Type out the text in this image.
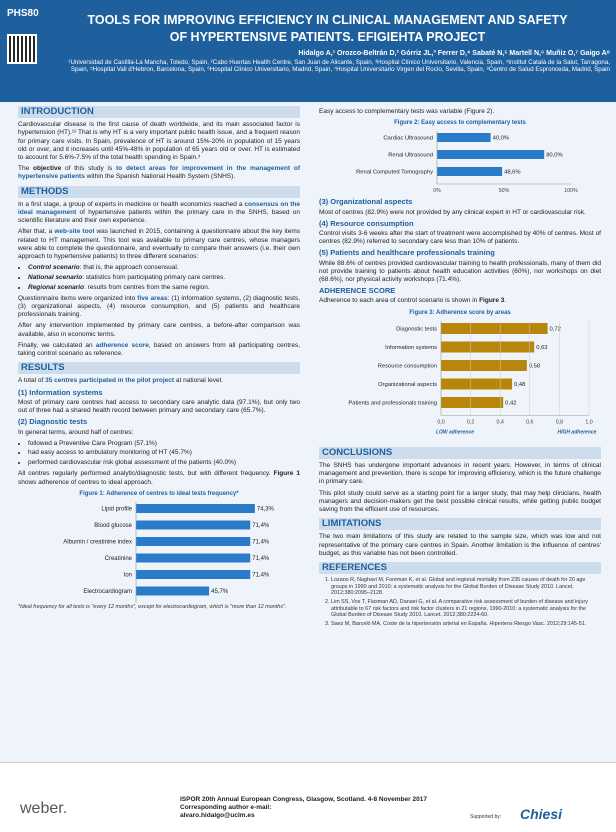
PHS80	TOOLS FOR IMPROVING EFFICIENCY IN CLINICAL MANAGEMENT AND SAFETY
OF HYPERTENSIVE PATIENTS. EFIGIEHTA PROJECT
Hidalgo A,¹ Orozco-Beltrán D,² Górriz JL,³ Ferrer D,⁴ Sabaté N,⁵ Martell N,⁶ Muñiz O,⁷ Gaigo A⁸
¹Universidad de Castilla-La Mancha, Toledo, Spain, ²Cabo Huertas Health Centre, San Juan de Alicante, Spain, ³Hospital Clínico Universitario, Valencia, Spain, ⁴Institut Català de la Salut, Tarragona, Spain, ⁵Hospital Vall d'Hebron, Barcelona, Spain, ⁶Hospital Clínico Universitario, Madrid, Spain, ⁷Hospital Universitario Virgen del Rocío, Sevilla, Spain, ⁸Centro de Salud Espronceda, Madrid, Spain
INTRODUCTION

Cardiovascular disease is the first cause of death worldwide, and its main associated factor is hypertension (HT).¹² That is why HT is a very important public health issue, and a frequent reason for primary care visits. In Spain, prevalence of HT is around 15%-20% in population of 15 years old or over, and it increases until 45%-48% in population of 65 years old or over. HT is estimated to account for 5.6%-7.5% of the total health spending in Spain.³

The objective of this study is to detect areas for improvement in the management of hypertensive patients within the Spanish National Health System (SNHS).

METHODS

In a first stage, a group of experts in medicine or health economics reached a consensus on the ideal management of hypertensive patients within the primary care in the SNHS, based on scientific literature and their own experience.

After that, a web-site tool was launched in 2015, containing a questionnaire about the key items related to HT management. This tool was available to primary care centres, whose managers were able to complete the questionnaire, and eventually to compare their answers (i.e. their own approach to hypertensive patients) to three different scenarios:

• Control scenario: that is, the approach consensual.
• National scenario: statistics from participating primary care centres.
• Regional scenario: results from centres from the same region.

Questionnaire items were organized into five areas: (1) information systems, (2) diagnostic tests, (3) organizational aspects, (4) resource consumption, and (5) patients and healthcare professionals training.

After any intervention implemented by primary care centres, a before-after comparison was available, also in economic terms.

Finally, we calculated an adherence score, based on answers from all participating centres, taking control scenario as reference.

RESULTS

A total of 35 centres participated in the pilot project at national level.

(1) Information systems

Most of primary care centres had access to secondary care analytic data (97.1%), but only two out of three had a shared health record between primary and secondary care (65.7%).

(2) Diagnostic tests

In general terms, around half of centres:

• followed a Preventive Care Program (57.1%)
• had easy access to ambulatory monitoring of HT (45.7%)
• performed cardiovascular risk global assessment of the patients (40.0%)

All centres regularly performed analytic/diagnostic tests, but with different frequency. Figure 1 shows adherence of centres to ideal approach.

Figure 1: Adherence of centres to ideal tests frequency*
Lipid profile	74,3%
Blood glucose	71,4%
Albumin / creatinine index	71,4%
Creatinine	71,4%
Ion	71,4%
Electrocardiogram	45,7%
*Ideal frequency for all tests is "every 12 months", except for electrocardiogram, which is "more than 12 months".

Easy access to complementary tests was variable (Figure 2).

Figure 2: Easy access to complementary tests
Cardiac Ultrasound	40,0%
Renal Ultrasound	80,0%
Renal Computed Tomography	48,6%
0%	50%	100%
(3) Organizational aspects

Most of centres (82.9%) were not provided by any clinical expert in HT or cardiovascular risk.

(4) Resource consumption

Control visits 3-6 weeks after the start of treatment were accomplished by 40% of centres. Most of centres (82.9%) referred to secondary care less than 10% of patients.

(5) Patients and healthcare professionals training

While 88.6% of centres provided cardiovascular training to health professionals, many of them did not provide training to patients about health education activities (60%), nor workshops on diet (68.6%), nor physical activity workshops (71.4%).

ADHERENCE SCORE

Adherence to each area of control scenario is shown in Figure 3.

Figure 3: Adherence score by areas
Diagnostic tests	0,72
Information systems	0,63
Resource consumption	0,58
Organizational aspects	0,48
Patients and professionals training	0,42
0,0	0,2	0,4	0,6	0,8	1,0
LOW adherence	HIGH adherence
CONCLUSIONS

The SNHS has undergone important advances in recent years. However, in terms of clinical management and prevention, there is scope for improving efficiency, which is the future challenge in primary care.

This pilot study could serve as a starting point for a larger study, that may help clinicians, health managers and decision-makers get the best possible clinical results, while getting public budget saving from the efficient use of resources.

LIMITATIONS

The two main limitations of this study are related to the sample size, which was low and not representative of the primary care centres in Spain. Another limitation is the influence of centres' budget, as this variable has not been controlled.

REFERENCES
1. Lozano R, Naghavi M, Foreman K, et al. Global and regional mortality from 235 causes of death for 20 age groups in 1990 and 2010: a systematic analysis for the Global Burden of Disease Study 2010. Lancet. 2012;380:2095–2128.
2. Lim SS, Vos T, Flaxman AD, Danaei G, et al. A comparative risk assessment of burden of disease and injury attributable to 67 risk factors and risk factor clusters in 21 regions, 1990-2010: a systematic analysis for the Global Burden of Disease Study 2010. Lancet. 2012;380:2224-60.
3. Saez M, Barceló MA. Coste de la hipertensión arterial en España. Hipertens Riesgo Vasc. 2012;29:145-51.
weber.
ISPOR 20th Annual European Congress, Glasgow, Scotland. 4-8 November 2017
Corresponding author e-mail:
alvaro.hidalgo@uclm.es	Supported by: Chiesi
